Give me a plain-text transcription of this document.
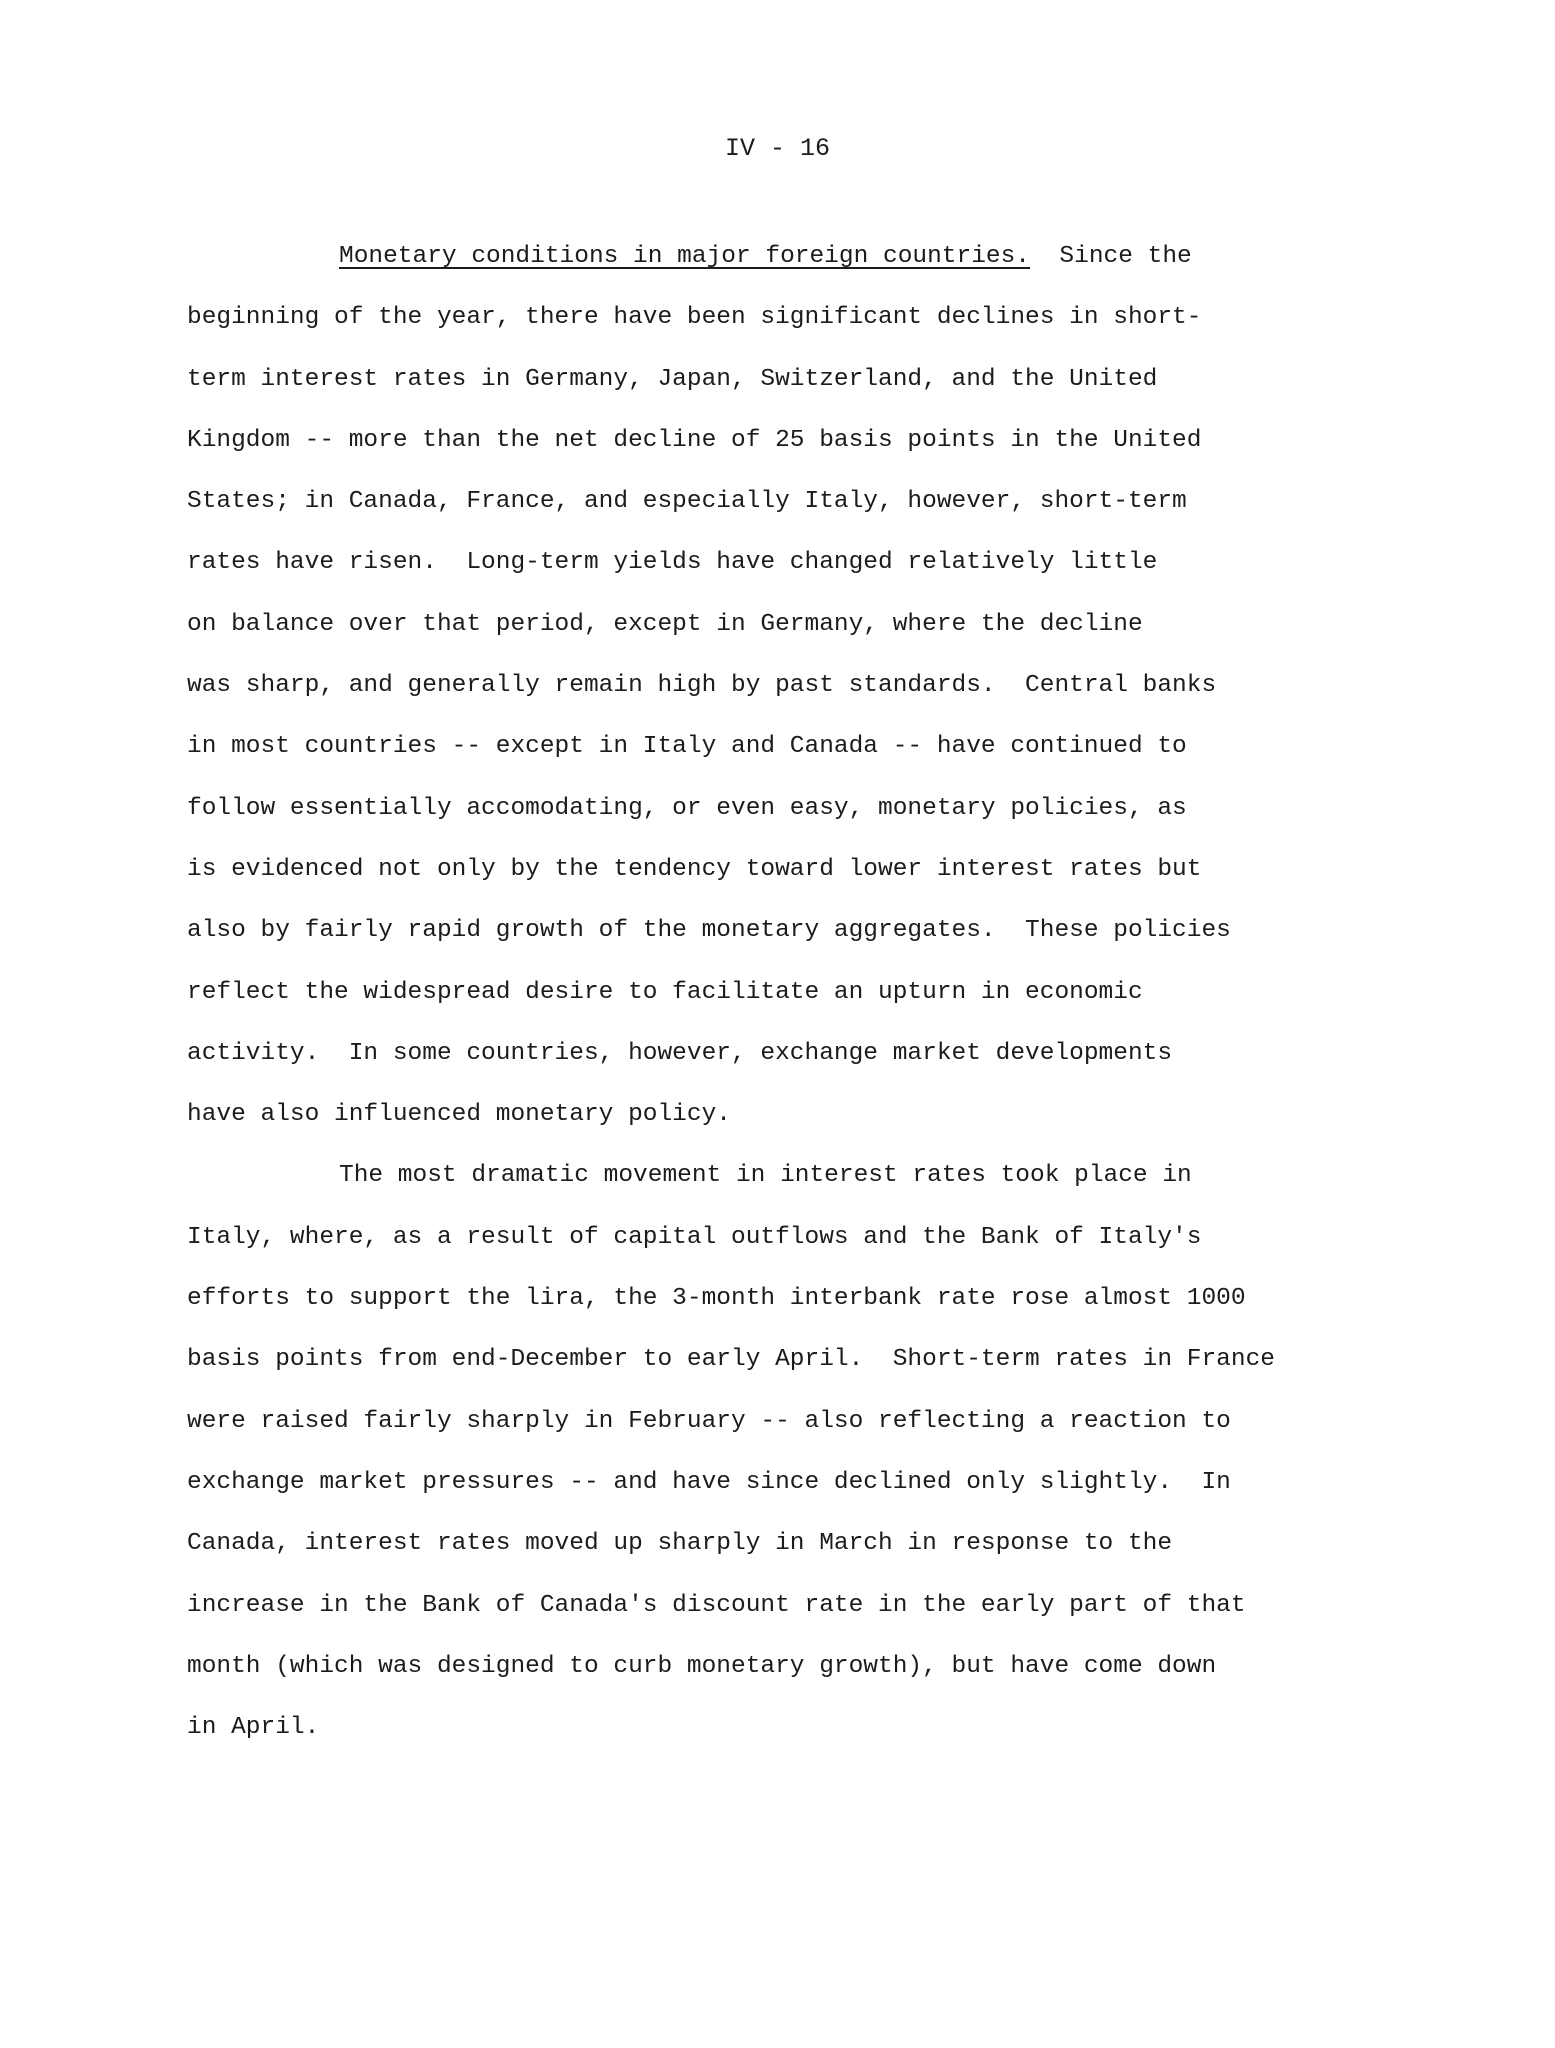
IV - 16
Monetary conditions in major foreign countries.  Since the
beginning of the year, there have been significant declines in short-
term interest rates in Germany, Japan, Switzerland, and the United
Kingdom -- more than the net decline of 25 basis points in the United
States; in Canada, France, and especially Italy, however, short-term
rates have risen.  Long-term yields have changed relatively little
on balance over that period, except in Germany, where the decline
was sharp, and generally remain high by past standards.  Central banks
in most countries -- except in Italy and Canada -- have continued to
follow essentially accomodating, or even easy, monetary policies, as
is evidenced not only by the tendency toward lower interest rates but
also by fairly rapid growth of the monetary aggregates.  These policies
reflect the widespread desire to facilitate an upturn in economic
activity.  In some countries, however, exchange market developments
have also influenced monetary policy.
The most dramatic movement in interest rates took place in
Italy, where, as a result of capital outflows and the Bank of Italy's
efforts to support the lira, the 3-month interbank rate rose almost 1000
basis points from end-December to early April.  Short-term rates in France
were raised fairly sharply in February -- also reflecting a reaction to
exchange market pressures -- and have since declined only slightly.  In
Canada, interest rates moved up sharply in March in response to the
increase in the Bank of Canada's discount rate in the early part of that
month (which was designed to curb monetary growth), but have come down
in April.
